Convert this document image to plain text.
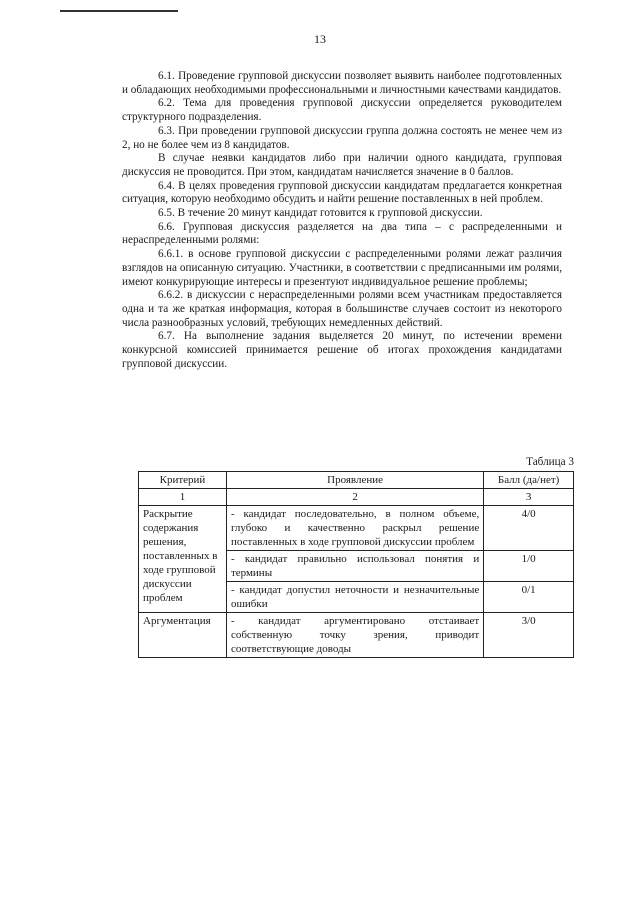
13

6.1. Проведение групповой дискуссии позволяет выявить наиболее подготовленных и обладающих необходимыми профессиональными и личностными качествами кандидатов.

6.2. Тема для проведения групповой дискуссии определяется руководителем структурного подразделения.

6.3. При проведении групповой дискуссии группа должна состоять не менее чем из 2, но не более чем из 8 кандидатов.

В случае неявки кандидатов либо при наличии одного кандидата, групповая дискуссия не проводится. При этом, кандидатам начисляется значение в 0 баллов.

6.4. В целях проведения групповой дискуссии кандидатам предлагается конкретная ситуация, которую необходимо обсудить и найти решение поставленных в ней проблем.

6.5. В течение 20 минут кандидат готовится к групповой дискуссии.

6.6. Групповая дискуссия разделяется на два типа – с распределенными и нераспределенными ролями:

6.6.1. в основе групповой дискуссии с распределенными ролями лежат различия взглядов на описанную ситуацию. Участники, в соответствии с предписанными им ролями, имеют конкурирующие интересы и презентуют индивидуальное решение проблемы;

6.6.2. в дискуссии с нераспределенными ролями всем участникам предоставляется одна и та же краткая информация, которая в большинстве случаев состоит из некоторого числа разнообразных условий, требующих немедленных действий.

6.7. На выполнение задания выделяется 20 минут, по истечении времени конкурсной комиссией принимается решение об итогах прохождения кандидатами групповой дискуссии.

Таблица 3
Критерий	Проявление	Балл (да/нет)
1	2	3
Раскрытие содержания решения, поставленных в ходе групповой дискуссии проблем	- кандидат последовательно, в полном объеме, глубоко и качественно раскрыл решение поставленных в ходе групповой дискуссии проблем	4/0
	- кандидат правильно использовал понятия и термины	1/0
	- кандидат допустил неточности и незначительные ошибки	0/1
Аргументация	- кандидат аргументировано отстаивает собственную точку зрения, приводит соответствующие доводы	3/0
